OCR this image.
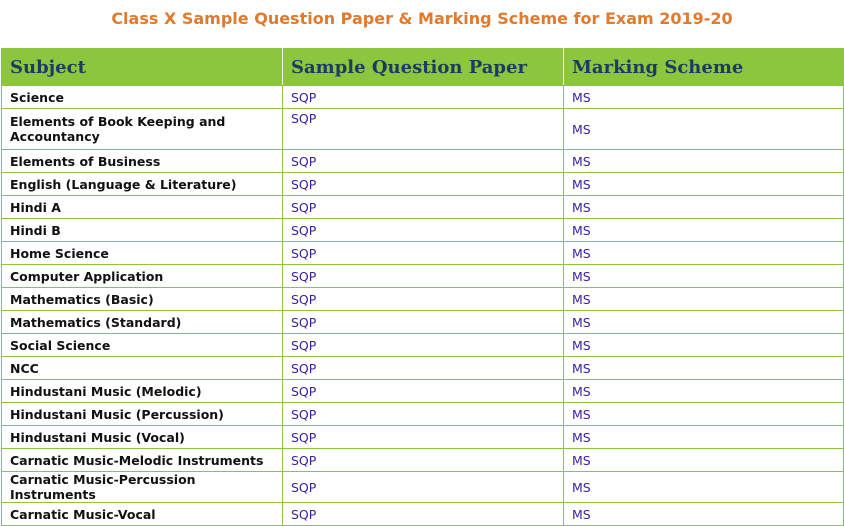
Class X Sample Question Paper & Marking Scheme for Exam 2019-20
Subject	Sample Question Paper	Marking Scheme
Science	SQP	MS
Elements of Book Keeping and Accountancy	SQP	MS
Elements of Business	SQP	MS
English (Language & Literature)	SQP	MS
Hindi A	SQP	MS
Hindi B	SQP	MS
Home Science	SQP	MS
Computer Application	SQP	MS
Mathematics (Basic)	SQP	MS
Mathematics (Standard)	SQP	MS
Social Science	SQP	MS
NCC	SQP	MS
Hindustani Music (Melodic)	SQP	MS
Hindustani Music (Percussion)	SQP	MS
Hindustani Music (Vocal)	SQP	MS
Carnatic Music-Melodic Instruments	SQP	MS
Carnatic Music-Percussion Instruments	SQP	MS
Carnatic Music-Vocal	SQP	MS
